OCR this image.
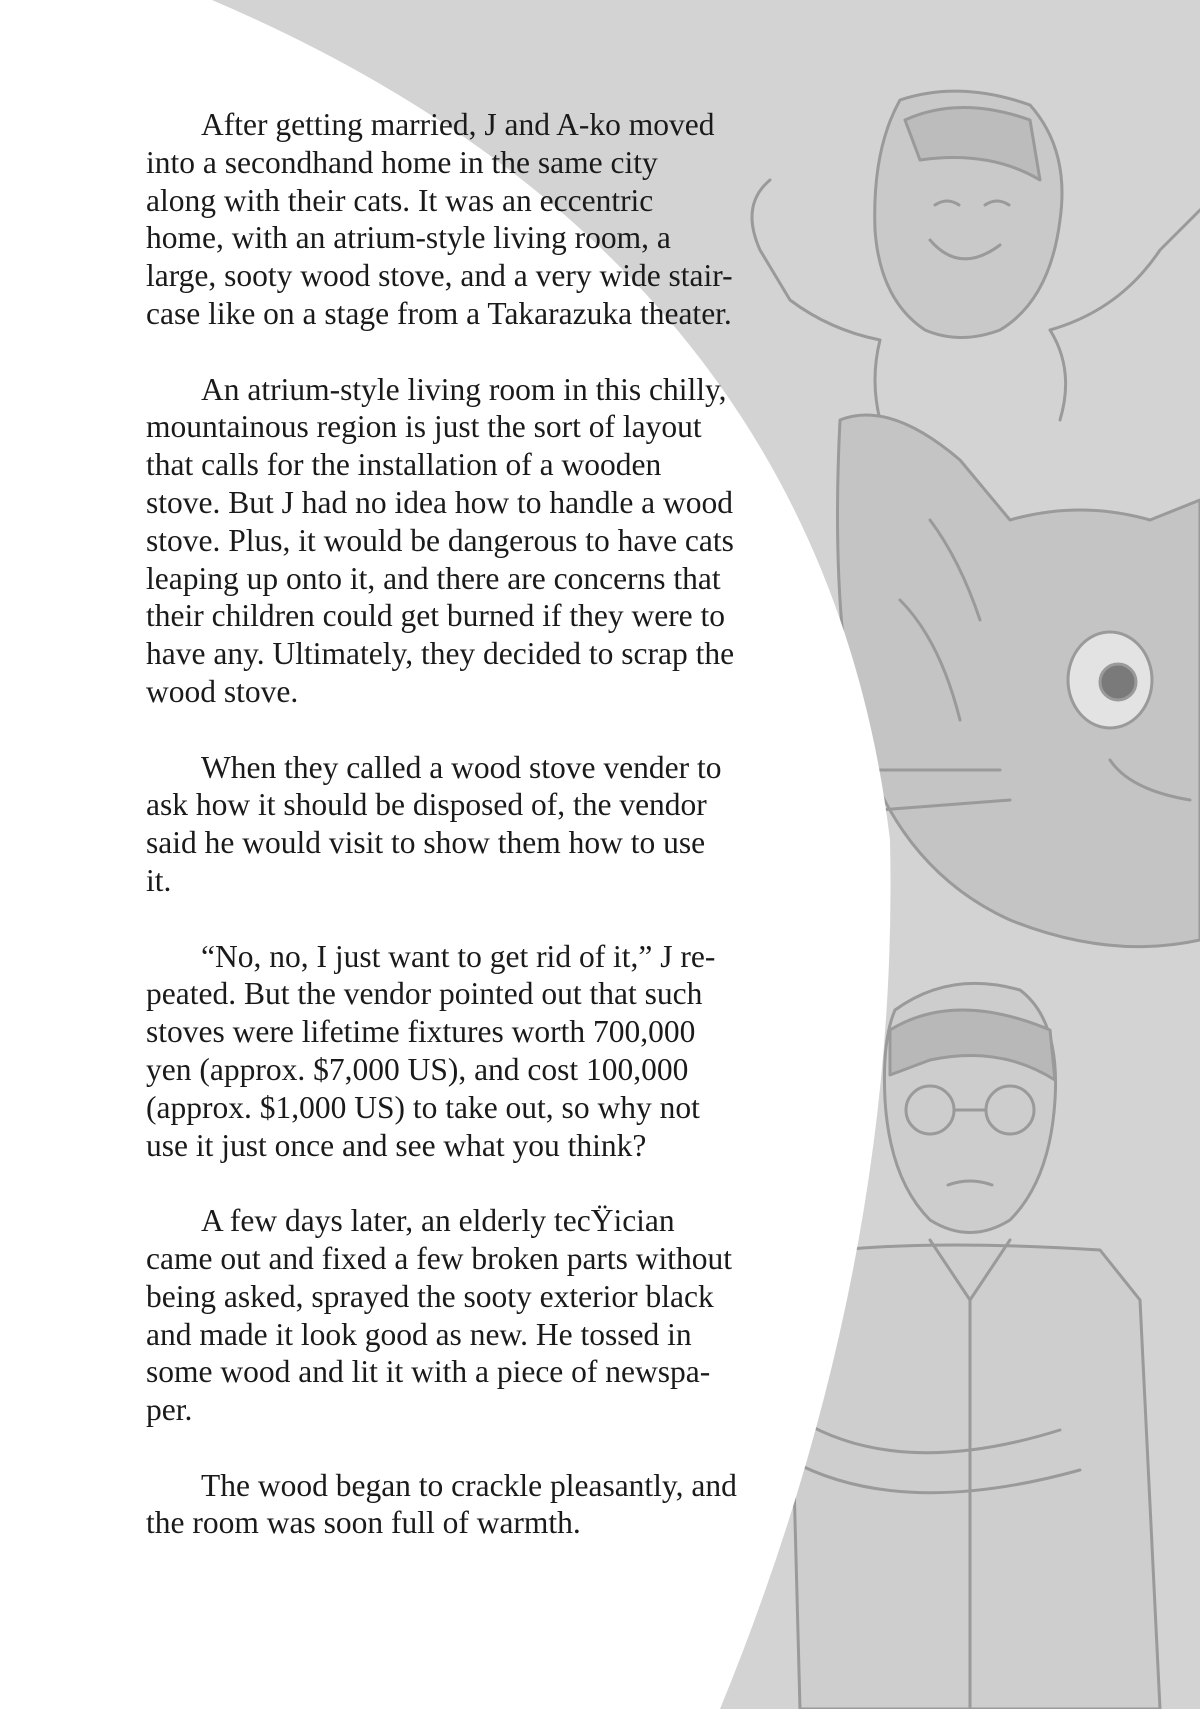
After getting married, J and A-ko moved
into a secondhand home in the same city
along with their cats. It was an eccentric
home, with an atrium-style living room, a
large, sooty wood stove, and a very wide stair-
case like on a stage from a Takarazuka theater.

An atrium-style living room in this chilly,
mountainous region is just the sort of layout
that calls for the installation of a wooden
stove. But J had no idea how to handle a wood
stove. Plus, it would be dangerous to have cats
leaping up onto it, and there are concerns that
their children could get burned if they were to
have any. Ultimately, they decided to scrap the
wood stove.

When they called a wood stove vender to
ask how it should be disposed of, the vendor
said he would visit to show them how to use
it.

“No, no, I just want to get rid of it,” J re-
peated. But the vendor pointed out that such
stoves were lifetime fixtures worth 700,000
yen (approx. $7,000 US), and cost 100,000
(approx. $1,000 US) to take out, so why not
use it just once and see what you think?

A few days later, an elderly tecŸician
came out and fixed a few broken parts without
being asked, sprayed the sooty exterior black
and made it look good as new. He tossed in
some wood and lit it with a piece of newspa-
per.

The wood began to crackle pleasantly, and
the room was soon full of warmth.
